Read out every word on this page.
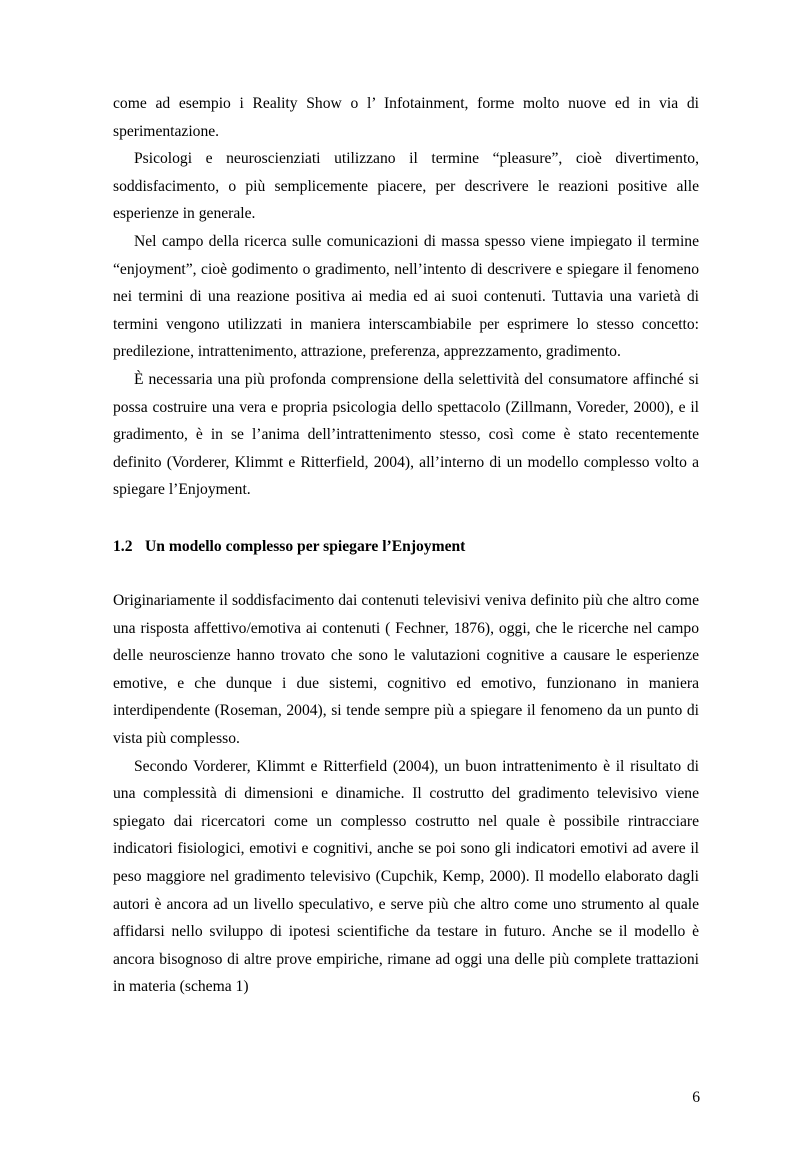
come ad esempio i Reality Show o l’ Infotainment, forme molto nuove ed in via di sperimentazione.

Psicologi e neuroscienziati utilizzano il termine “pleasure”, cioè divertimento, soddisfacimento, o più semplicemente piacere, per descrivere le reazioni positive alle esperienze in generale.

Nel campo della ricerca sulle comunicazioni di massa spesso viene impiegato il termine “enjoyment”, cioè godimento o gradimento, nell’intento di descrivere e spiegare il fenomeno nei termini di una reazione positiva ai media ed ai suoi contenuti. Tuttavia una varietà di termini vengono utilizzati in maniera interscambiabile per esprimere lo stesso concetto: predilezione, intrattenimento, attrazione, preferenza, apprezzamento, gradimento.

È necessaria una più profonda comprensione della selettività del consumatore affinché si possa costruire una vera e propria psicologia dello spettacolo (Zillmann, Voreder, 2000), e il gradimento, è in se l’anima dell’intrattenimento stesso, così come è stato recentemente definito (Vorderer, Klimmt e Ritterfield, 2004), all’interno di un modello complesso volto a spiegare l’Enjoyment.

1.2 Un modello complesso per spiegare l’Enjoyment

Originariamente il soddisfacimento dai contenuti televisivi veniva definito più che altro come una risposta affettivo/emotiva ai contenuti ( Fechner, 1876), oggi, che le ricerche nel campo delle neuroscienze hanno trovato che sono le valutazioni cognitive a causare le esperienze emotive, e che dunque i due sistemi, cognitivo ed emotivo, funzionano in maniera interdipendente (Roseman, 2004), si tende sempre più a spiegare il fenomeno da un punto di vista più complesso.

Secondo Vorderer, Klimmt e Ritterfield (2004), un buon intrattenimento è il risultato di una complessità di dimensioni e dinamiche. Il costrutto del gradimento televisivo viene spiegato dai ricercatori come un complesso costrutto nel quale è possibile rintracciare indicatori fisiologici, emotivi e cognitivi, anche se poi sono gli indicatori emotivi ad avere il peso maggiore nel gradimento televisivo (Cupchik, Kemp, 2000). Il modello elaborato dagli autori è ancora ad un livello speculativo, e serve più che altro come uno strumento al quale affidarsi nello sviluppo di ipotesi scientifiche da testare in futuro. Anche se il modello è ancora bisognoso di altre prove empiriche, rimane ad oggi una delle più complete trattazioni in materia (schema 1)

6
